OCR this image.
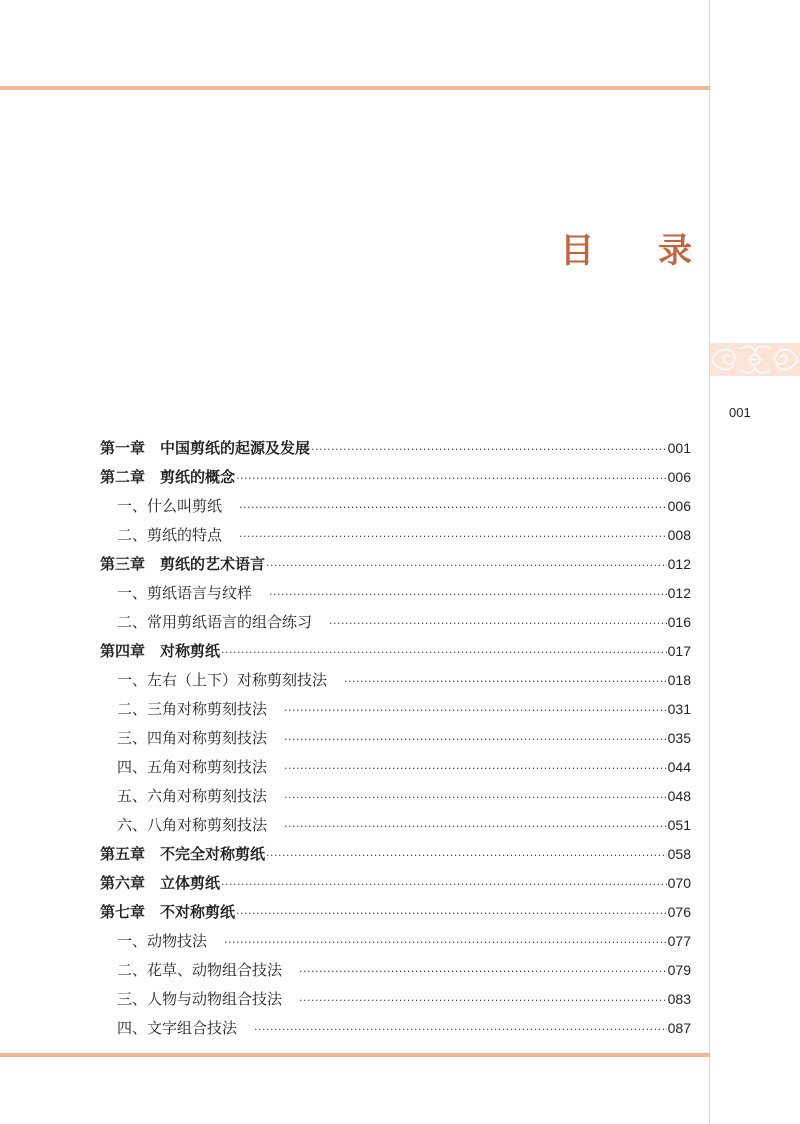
目 录
001
第一章　中国剪纸的起源及发展 ·····	001
第二章　剪纸的概念 ·····	006
一、什么叫剪纸 ·····	006
二、剪纸的特点 ·····	008
第三章　剪纸的艺术语言 ·····	012
一、剪纸语言与纹样 ·····	012
二、常用剪纸语言的组合练习 ·····	016
第四章　对称剪纸 ·····	017
一、左右（上下）对称剪刻技法 ·····	018
二、三角对称剪刻技法 ·····	031
三、四角对称剪刻技法 ·····	035
四、五角对称剪刻技法 ·····	044
五、六角对称剪刻技法 ·····	048
六、八角对称剪刻技法 ·····	051
第五章　不完全对称剪纸 ·····	058
第六章　立体剪纸 ·····	070
第七章　不对称剪纸 ·····	076
一、动物技法 ·····	077
二、花草、动物组合技法 ·····	079
三、人物与动物组合技法 ·····	083
四、文字组合技法 ·····	087
